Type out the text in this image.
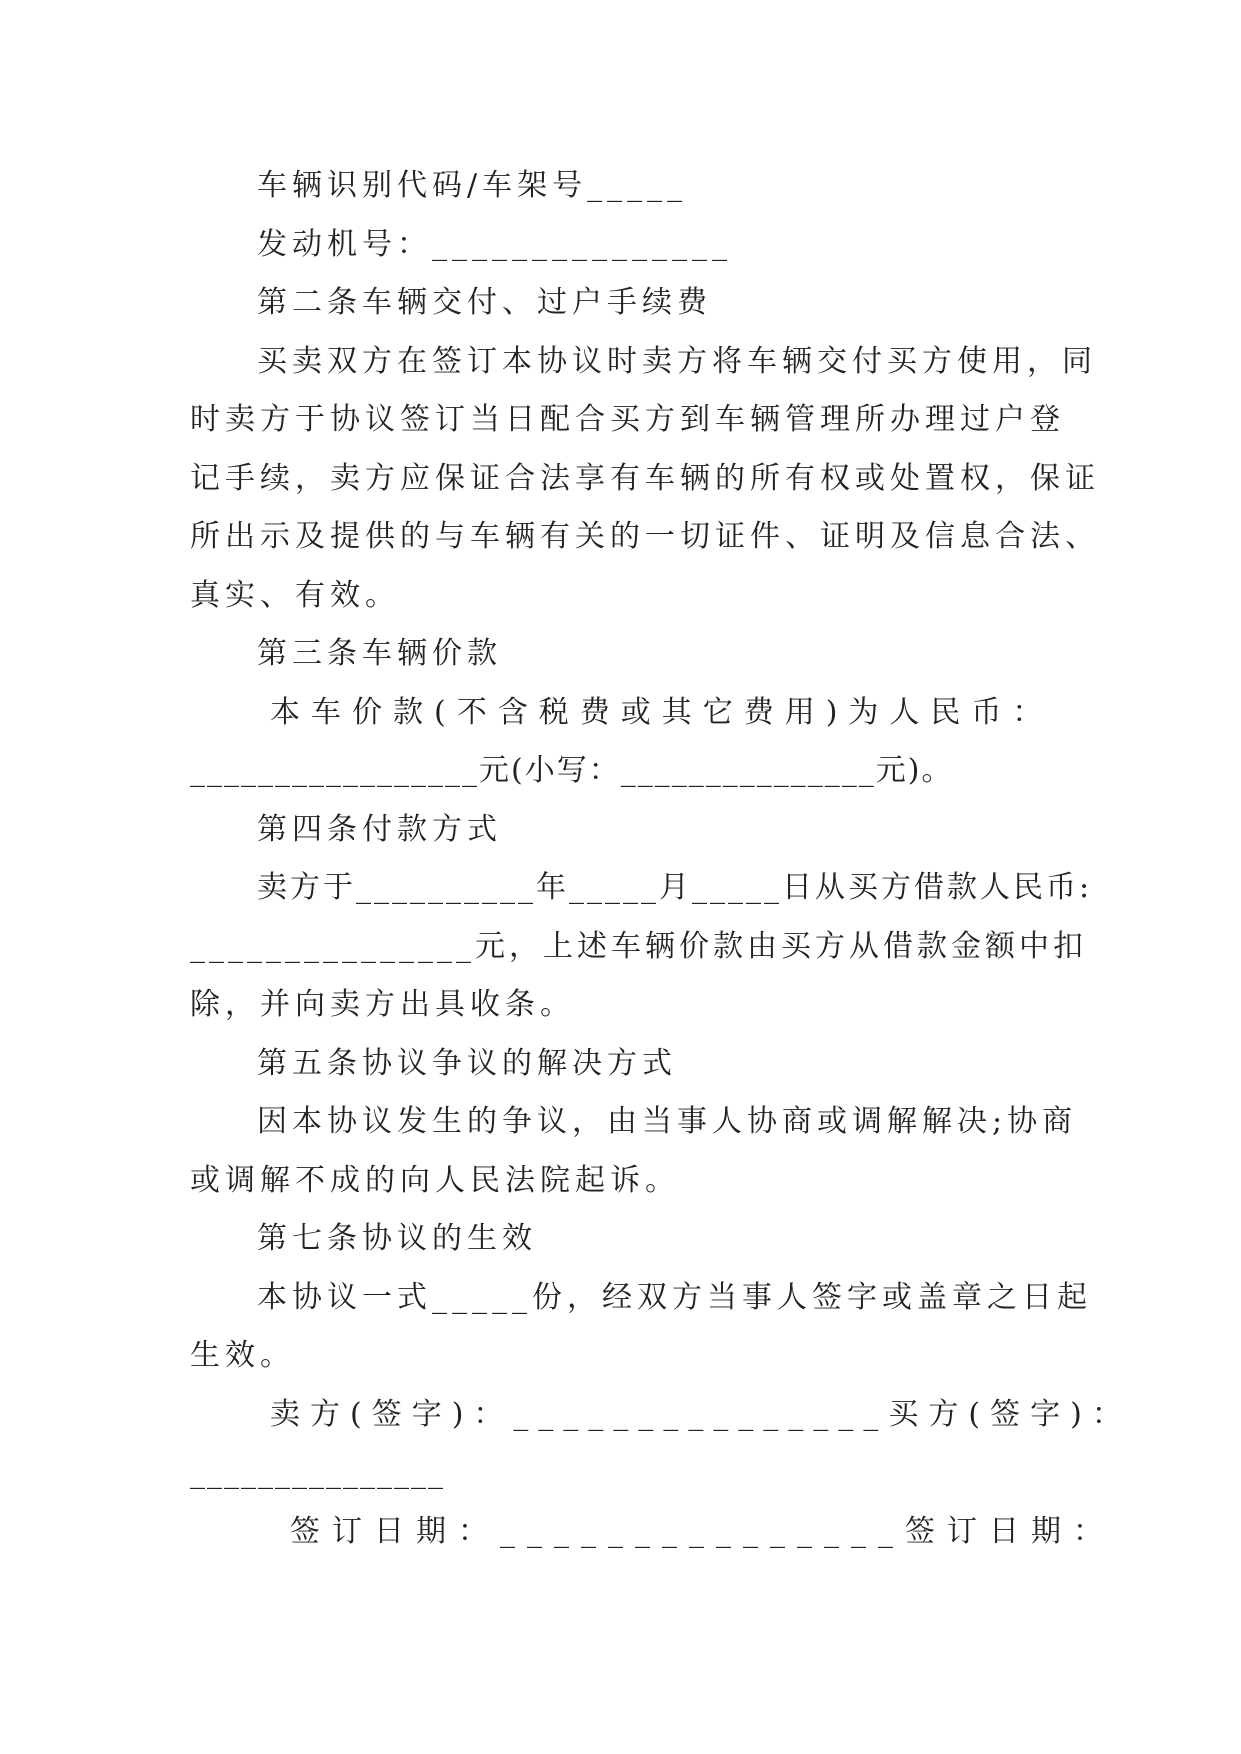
车辆识别代码/车架号_____
发动机号：_______________
第二条车辆交付、过户手续费
买卖双方在签订本协议时卖方将车辆交付买方使用，同
时卖方于协议签订当日配合买方到车辆管理所办理过户登
记手续，卖方应保证合法享有车辆的所有权或处置权，保证
所出示及提供的与车辆有关的一切证件、证明及信息合法、
真实、有效。
第三条车辆价款
本车价款(不含税费或其它费用)为人民币：
_________________元(小写：_______________元)。
第四条付款方式
卖方于__________年_____月_____日从买方借款人民币:
_______________元，上述车辆价款由买方从借款金额中扣
除，并向卖方出具收条。
第五条协议争议的解决方式
因本协议发生的争议，由当事人协商或调解解决;协商
或调解不成的向人民法院起诉。
第七条协议的生效
本协议一式_____份，经双方当事人签字或盖章之日起
生效。
卖方(签字)：_______________买方(签字)：
_______________
签订日期：_______________签订日期：
